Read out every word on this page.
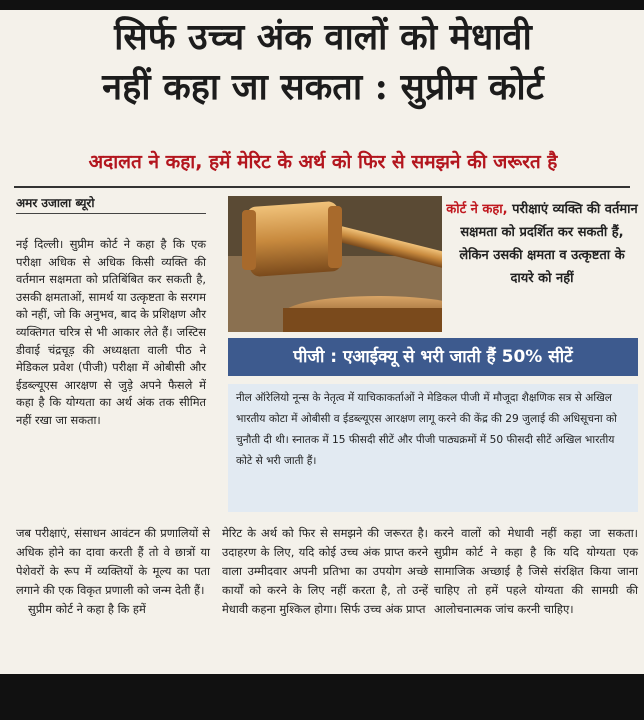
सिर्फ उच्च अंक वालों को मेधावी
नहीं कहा जा सकता : सुप्रीम कोर्ट
अदालत ने कहा, हमें मेरिट के अर्थ को फिर से समझने की जरूरत है
अमर उजाला ब्यूरो
नई दिल्ली। सुप्रीम कोर्ट ने कहा है कि एक परीक्षा अधिक से अधिक किसी व्यक्ति की वर्तमान सक्षमता को प्रतिबिंबित कर सकती है, उसकी क्षमताओं, सामर्थ या उत्कृष्टता के सरगम को नहीं, जो कि अनुभव, बाद के प्रशिक्षण और व्यक्तिगत चरित्र से भी आकार लेते हैं। जस्टिस डीवाई चंद्रचूड़ की अध्यक्षता वाली पीठ ने मेडिकल प्रवेश (पीजी) परीक्षा में ओबीसी और ईडब्ल्यूएस आरक्षण से जुड़े अपने फैसले में कहा है कि योग्यता का अर्थ अंक तक सीमित नहीं रखा जा सकता।
कोर्ट ने कहा, परीक्षाएं व्यक्ति की वर्तमान सक्षमता को प्रदर्शित कर सकती हैं, लेकिन उसकी क्षमता व उत्कृष्टता के दायरे को नहीं
पीजी : एआईक्यू से भरी जाती हैं 50% सीटें

नील ऑरेलियो नून्स के नेतृत्व में याचिकाकर्ताओं ने मेडिकल पीजी में मौजूदा शैक्षणिक सत्र से अखिल भारतीय कोटा में ओबीसी व ईडब्ल्यूएस आरक्षण लागू करने की केंद्र की 29 जुलाई की अधिसूचना को चुनौती दी थी। स्नातक में 15 फीसदी सीटें और पीजी पाठ्यक्रमों में 50 फीसदी सीटें अखिल भारतीय कोटे से भरी जाती हैं।

जब परीक्षाएं, संसाधन आवंटन की प्रणालियों से अधिक होने का दावा करती हैं तो वे छात्रों या पेशेवरों के रूप में व्यक्तियों के मूल्य का पता लगाने की एक विकृत प्रणाली को जन्म देती हैं।

सुप्रीम कोर्ट ने कहा है कि हमें

मेरिट के अर्थ को फिर से समझने की जरूरत है। उदाहरण के लिए, यदि कोई उच्च अंक प्राप्त करने वाला उम्मीदवार अपनी प्रतिभा का उपयोग अच्छे कार्यों को करने के लिए नहीं करता है, तो उन्हें मेधावी कहना मुश्किल होगा। सिर्फ उच्च अंक प्राप्त

करने वालों को मेधावी नहीं कहा जा सकता। सुप्रीम कोर्ट ने कहा है कि यदि योग्यता एक सामाजिक अच्छाई है जिसे संरक्षित किया जाना चाहिए तो हमें पहले योग्यता की सामग्री की आलोचनात्मक जांच करनी चाहिए।
